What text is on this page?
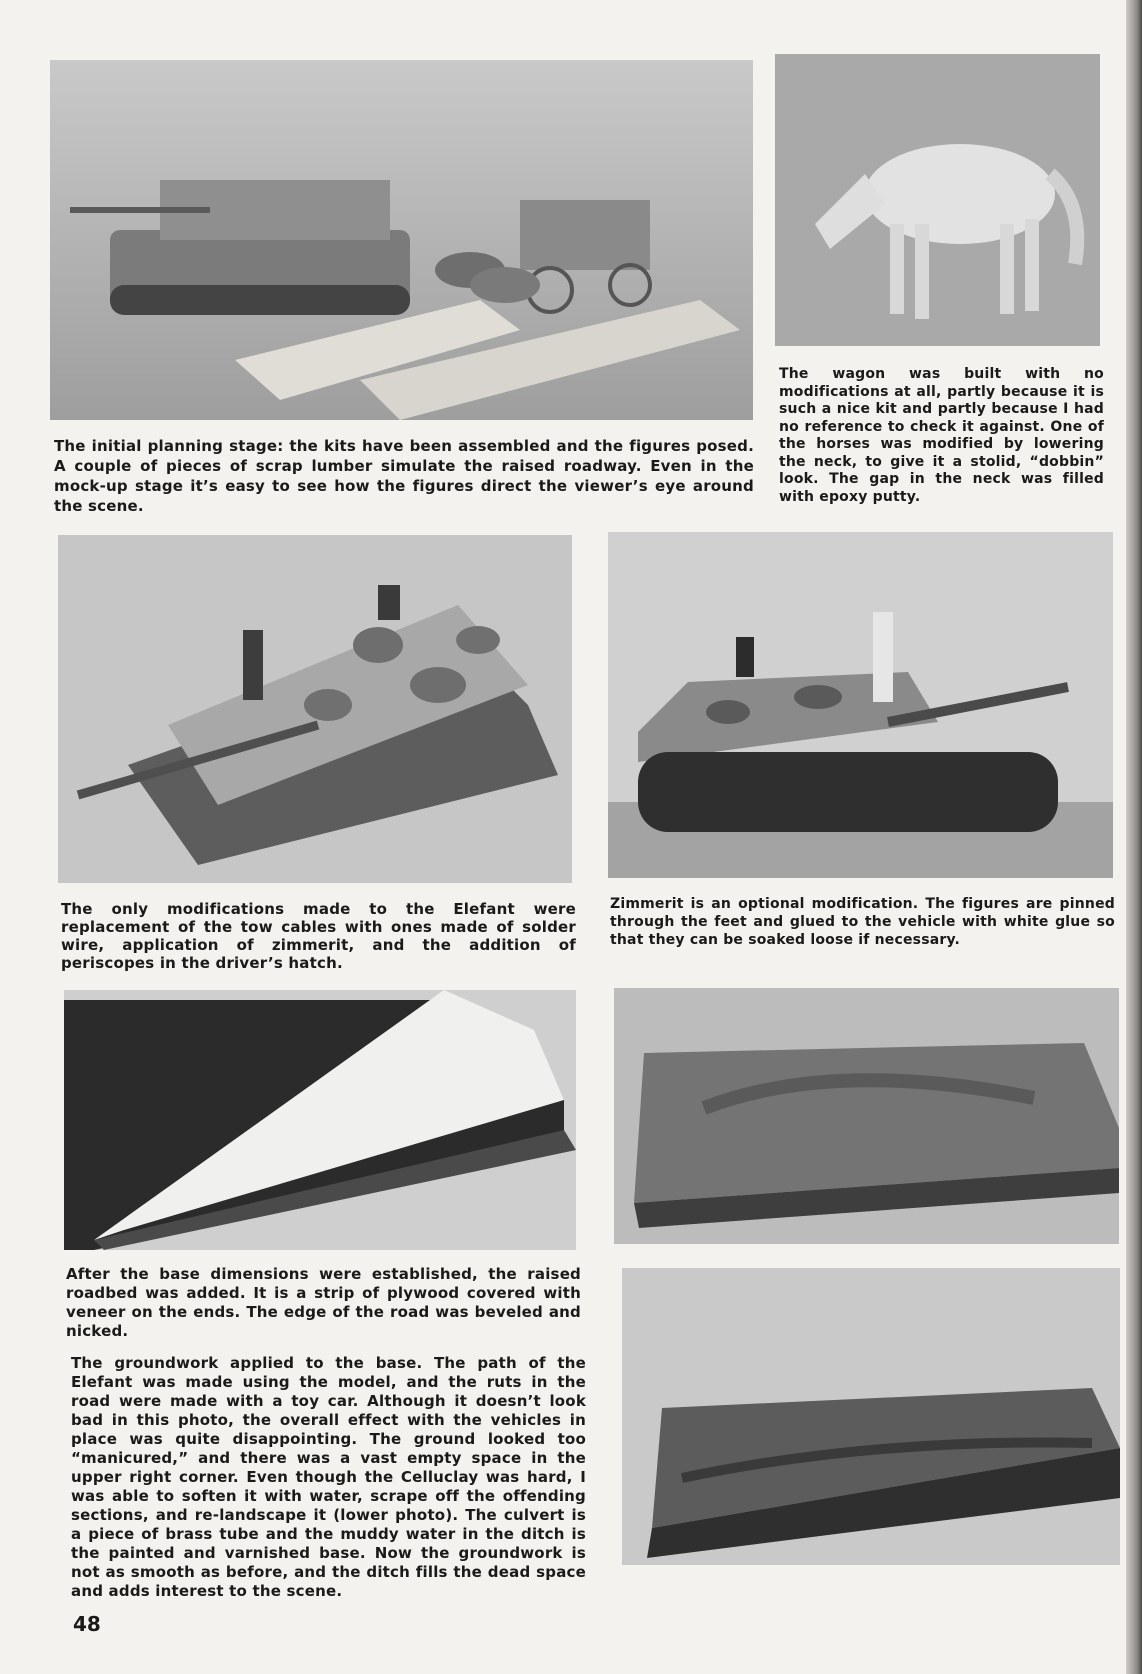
The initial planning stage: the kits have been assembled and the figures posed. A couple of pieces of scrap lumber simulate the raised roadway. Even in the mock-up stage it’s easy to see how the figures direct the viewer’s eye around the scene.

The wagon was built with no modifications at all, partly because it is such a nice kit and partly because I had no reference to check it against. One of the horses was modified by lowering the neck, to give it a stolid, “dobbin” look. The gap in the neck was filled with epoxy putty.

The only modifications made to the Elefant were replacement of the tow cables with ones made of solder wire, application of zimmerit, and the addition of periscopes in the driver’s hatch.

Zimmerit is an optional modification. The figures are pinned through the feet and glued to the vehicle with white glue so that they can be soaked loose if necessary.

After the base dimensions were established, the raised roadbed was added. It is a strip of plywood covered with veneer on the ends. The edge of the road was beveled and nicked.

The groundwork applied to the base. The path of the Elefant was made using the model, and the ruts in the road were made with a toy car. Although it doesn’t look bad in this photo, the overall effect with the vehicles in place was quite disappointing. The ground looked too “manicured,” and there was a vast empty space in the upper right corner. Even though the Celluclay was hard, I was able to soften it with water, scrape off the offending sections, and re-landscape it (lower photo). The culvert is a piece of brass tube and the muddy water in the ditch is the painted and varnished base. Now the groundwork is not as smooth as before, and the ditch fills the dead space and adds interest to the scene.

48
